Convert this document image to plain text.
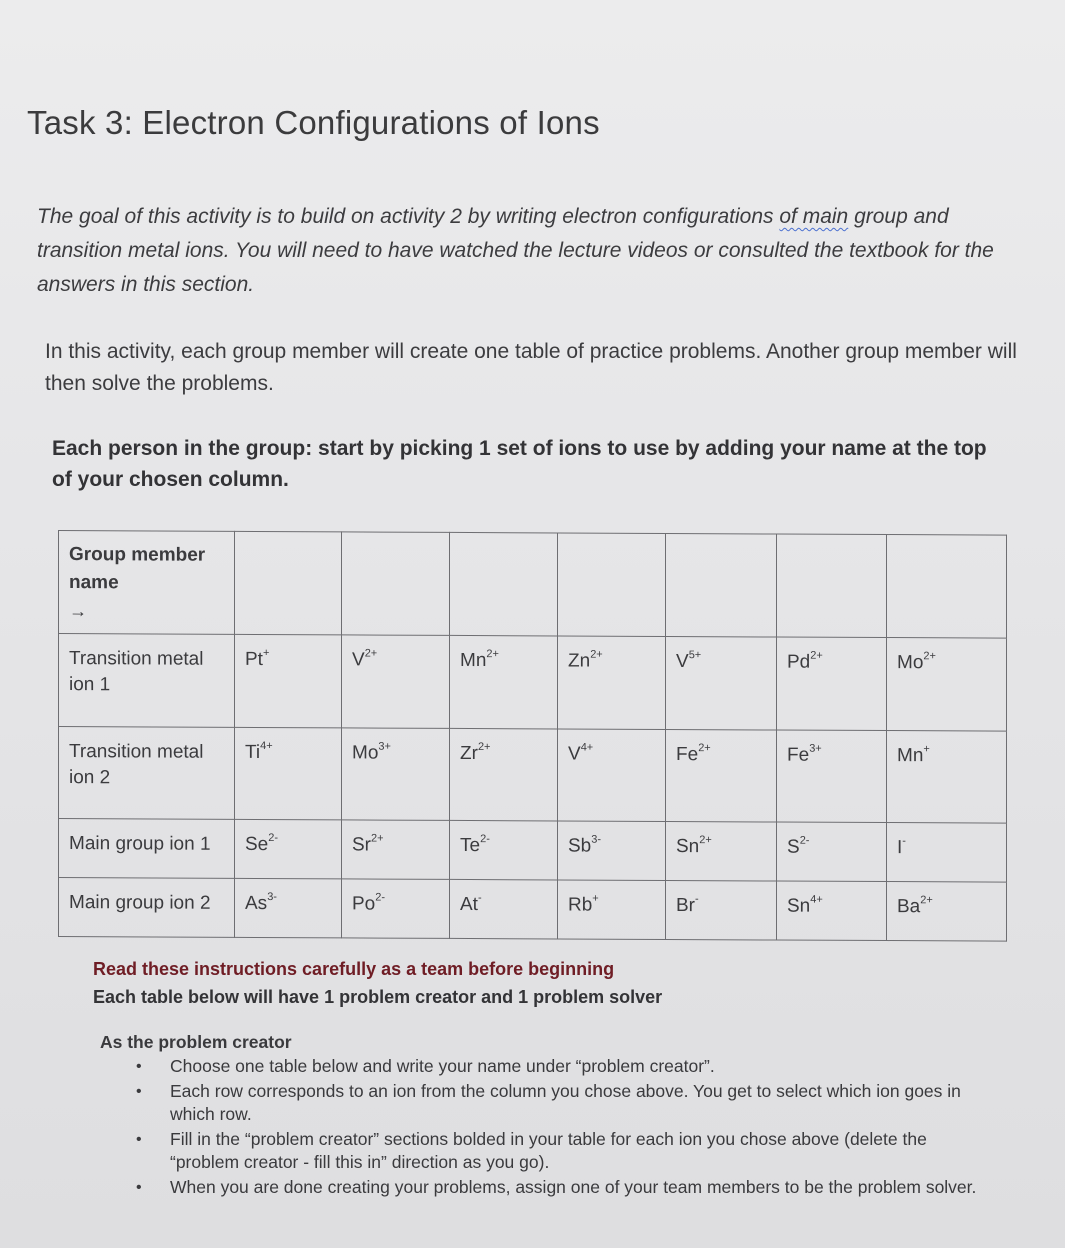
Task 3: Electron Configurations of Ions
The goal of this activity is to build on activity 2 by writing electron configurations of main group and transition metal ions. You will need to have watched the lecture videos or consulted the textbook for the answers in this section.
In this activity, each group member will create one table of practice problems. Another group member will then solve the problems.
Each person in the group: start by picking 1 set of ions to use by adding your name at the top of your chosen column.
Group member name
→							
Transition metal ion 1	Pt+	$V^{2+}$	$Mn^{2+}$	$Zn^{2+}$	$V^{5+}$	$Pd^{2+}$	$Mo^{2+}$
Transition metal ion 2	$Ti^{4+}$	$Mo^{3+}$	$Zr^{2+}$	$V^{4+}$	$Fe^{2+}$	$Fe^{3+}$	Mn+
Main group ion 1	$Se^{2-}$	$Sr^{2+}$	$Te^{2-}$	$Sb^{3-}$	$Sn^{2+}$	$S^{2-}$	I-
Main group ion 2	$As^{3-}$	$Po^{2-}$	At-	Rb+	Br-	$Sn^{4+}$	$Ba^{2+}$
Read these instructions carefully as a team before beginning
Each table below will have 1 problem creator and 1 problem solver
As the problem creator
• Choose one table below and write your name under “problem creator”.
• Each row corresponds to an ion from the column you chose above. You get to select which ion goes in which row.
• Fill in the “problem creator” sections bolded in your table for each ion you chose above (delete the “problem creator - fill this in” direction as you go).
• When you are done creating your problems, assign one of your team members to be the problem solver.
